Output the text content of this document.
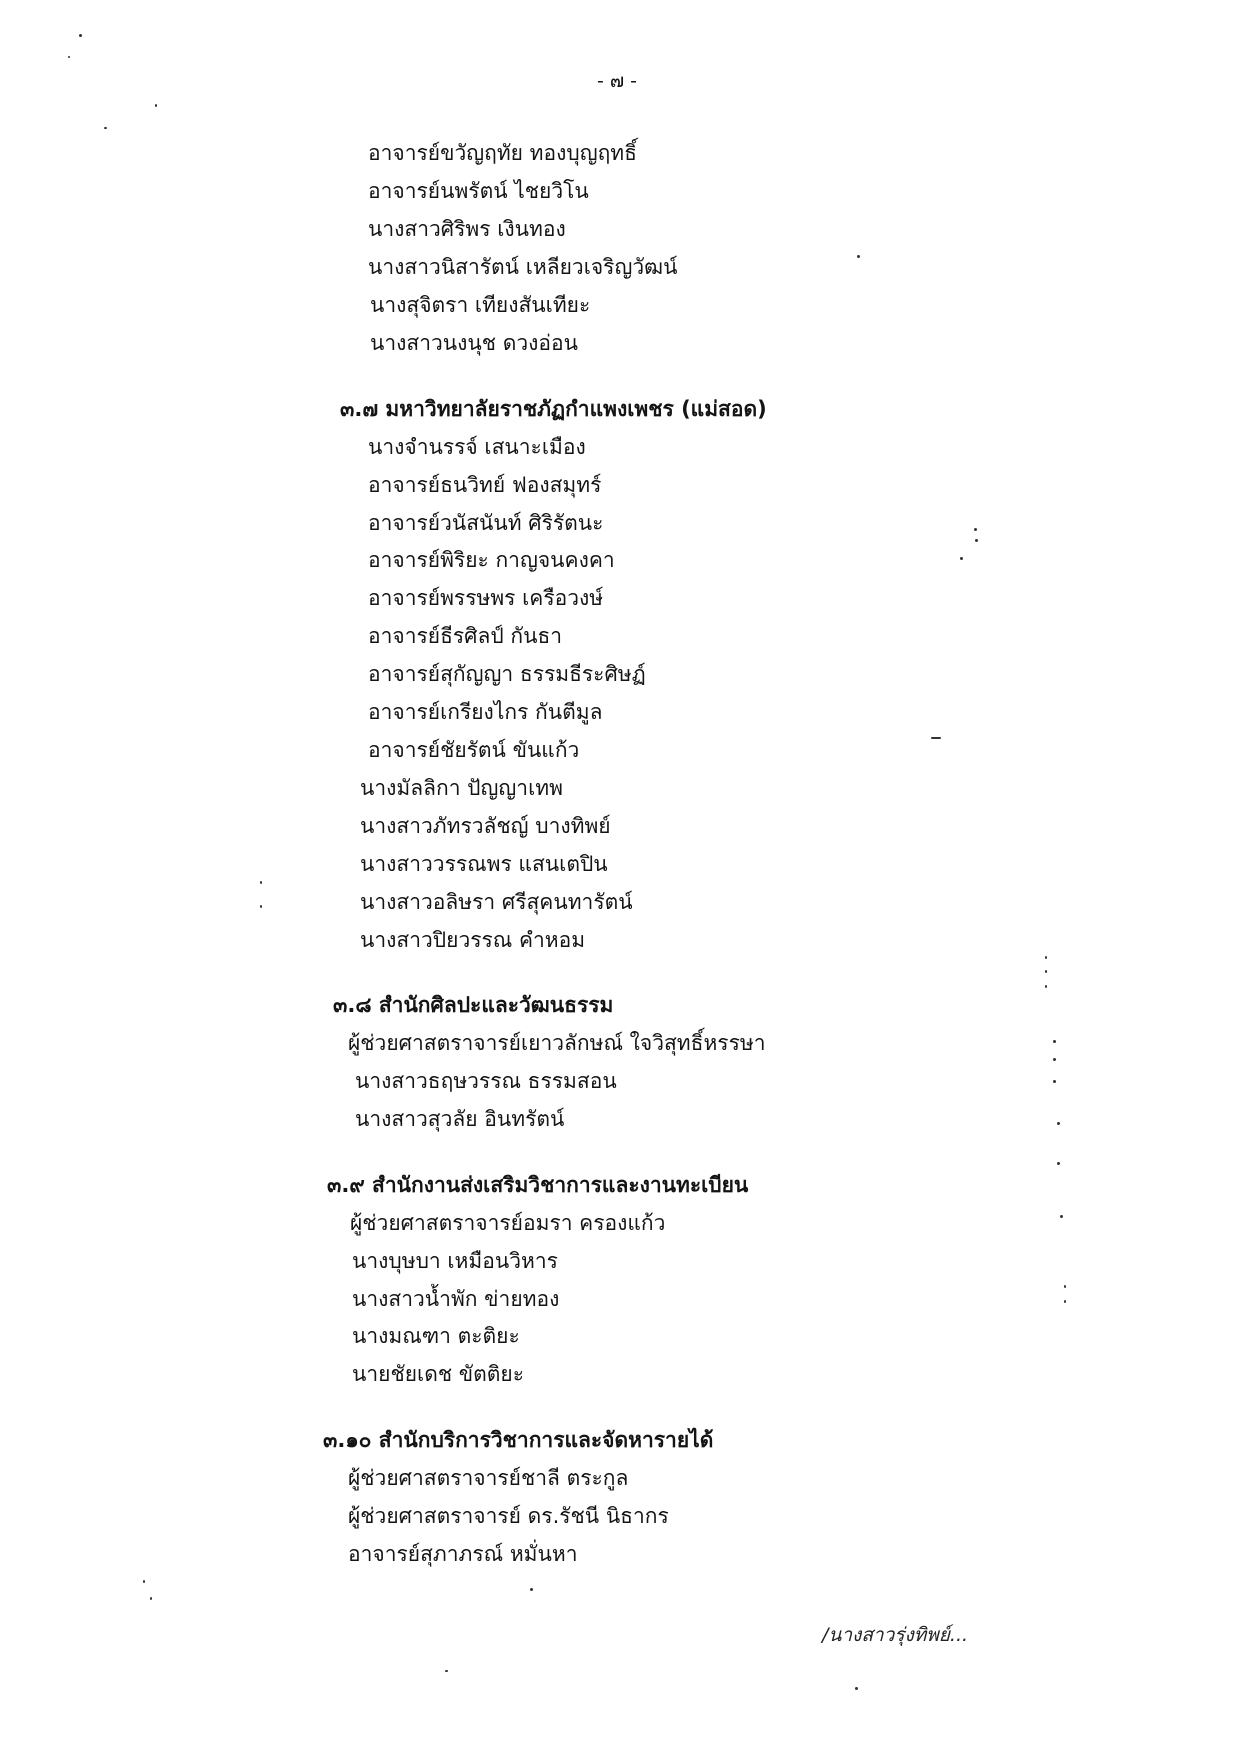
- ๗ -
อาจารย์ขวัญฤทัย ทองบุญฤทธิ์
อาจารย์นพรัตน์ ไชยวิโน
นางสาวศิริพร เงินทอง
นางสาวนิสารัตน์ เหลียวเจริญวัฒน์
นางสุจิตรา เทียงสันเทียะ
นางสาวนงนุช ดวงอ่อน
๓.๗ มหาวิทยาลัยราชภัฏกำแพงเพชร (แม่สอด)
นางจำนรรจ์ เสนาะเมือง
อาจารย์ธนวิทย์ ฟองสมุทร์
อาจารย์วนัสนันท์ ศิริรัตนะ
อาจารย์พิริยะ กาญจนคงคา
อาจารย์พรรษพร เครือวงษ์
อาจารย์ธีรศิลป์ กันธา
อาจารย์สุกัญญา ธรรมธีระศิษฏ์
อาจารย์เกรียงไกร กันตีมูล
อาจารย์ชัยรัตน์ ขันแก้ว
นางมัลลิกา ปัญญาเทพ
นางสาวภัทรวลัชญ์ บางทิพย์
นางสาววรรณพร แสนเตปิน
นางสาวอลิษรา ศรีสุคนทารัตน์
นางสาวปิยวรรณ คำหอม
๓.๘ สำนักศิลปะและวัฒนธรรม
ผู้ช่วยศาสตราจารย์เยาวลักษณ์ ใจวิสุทธิ์หรรษา
นางสาวธฤษวรรณ ธรรมสอน
นางสาวสุวลัย อินทรัตน์
๓.๙ สำนักงานส่งเสริมวิชาการและงานทะเบียน
ผู้ช่วยศาสตราจารย์อมรา ครองแก้ว
นางบุษบา เหมือนวิหาร
นางสาวน้ำพัก ข่ายทอง
นางมณฑา ตะติยะ
นายชัยเดช ขัตติยะ
๓.๑๐ สำนักบริการวิชาการและจัดหารายได้
ผู้ช่วยศาสตราจารย์ชาลี ตระกูล
ผู้ช่วยศาสตราจารย์ ดร.รัชนี นิธากร
อาจารย์สุภาภรณ์ หมั่นหา
/นางสาวรุ่งทิพย์...
